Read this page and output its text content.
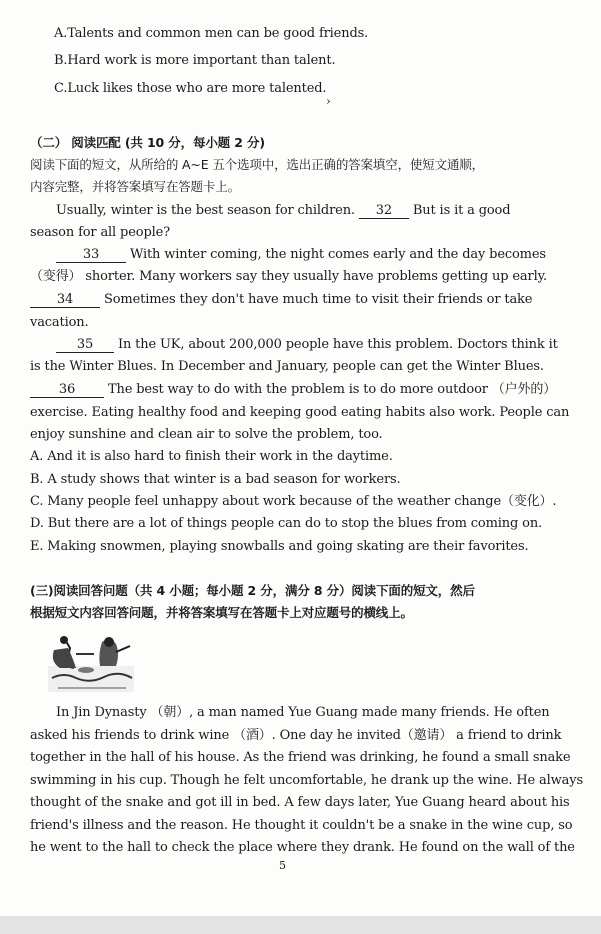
A.Talents and common men can be good friends.
B.Hard work is more important than talent.
C.Luck likes those who are more talented.
›
（二） 阅读匹配 (共 10 分，每小题 2 分)
阅读下面的短文，从所给的 A~E 五个选项中，选出正确的答案填空，使短文通顺，
内容完整，并将答案填写在答题卡上。
Usually, winter is the best season for children. 32 But is it a good
season for all people?
33 With winter coming, the night comes early and the day becomes
（变得） shorter. Many workers say they usually have problems getting up early.
34 Sometimes they don't have much time to visit their friends or take
vacation.
35 In the UK, about 200,000 people have this problem. Doctors think it
is the Winter Blues. In December and January, people can get the Winter Blues.
36 The best way to do with the problem is to do more outdoor （户外的）
exercise. Eating healthy food and keeping good eating habits also work. People can
enjoy sunshine and clean air to solve the problem, too.
A. And it is also hard to finish their work in the daytime.
B. A study shows that winter is a bad season for workers.
C. Many people feel unhappy about work because of the weather change（变化）.
D. But there are a lot of things people can do to stop the blues from coming on.
E. Making snowmen, playing snowballs and going skating are their favorites.
(三)阅读回答问题（共 4 小题；每小题 2 分，满分 8 分）阅读下面的短文，然后
根据短文内容回答问题，并将答案填写在答题卡上对应题号的横线上。
In Jin Dynasty （朝）, a man named Yue Guang made many friends. He often
asked his friends to drink wine （酒）. One day he invited（邀请） a friend to drink
together in the hall of his house. As the friend was drinking, he found a small snake
swimming in his cup. Though he felt uncomfortable, he drank up the wine. He always
thought of the snake and got ill in bed. A few days later, Yue Guang heard about his
friend's illness and the reason. He thought it couldn't be a snake in the wine cup, so
he went to the hall to check the place where they drank. He found on the wall of the
5
